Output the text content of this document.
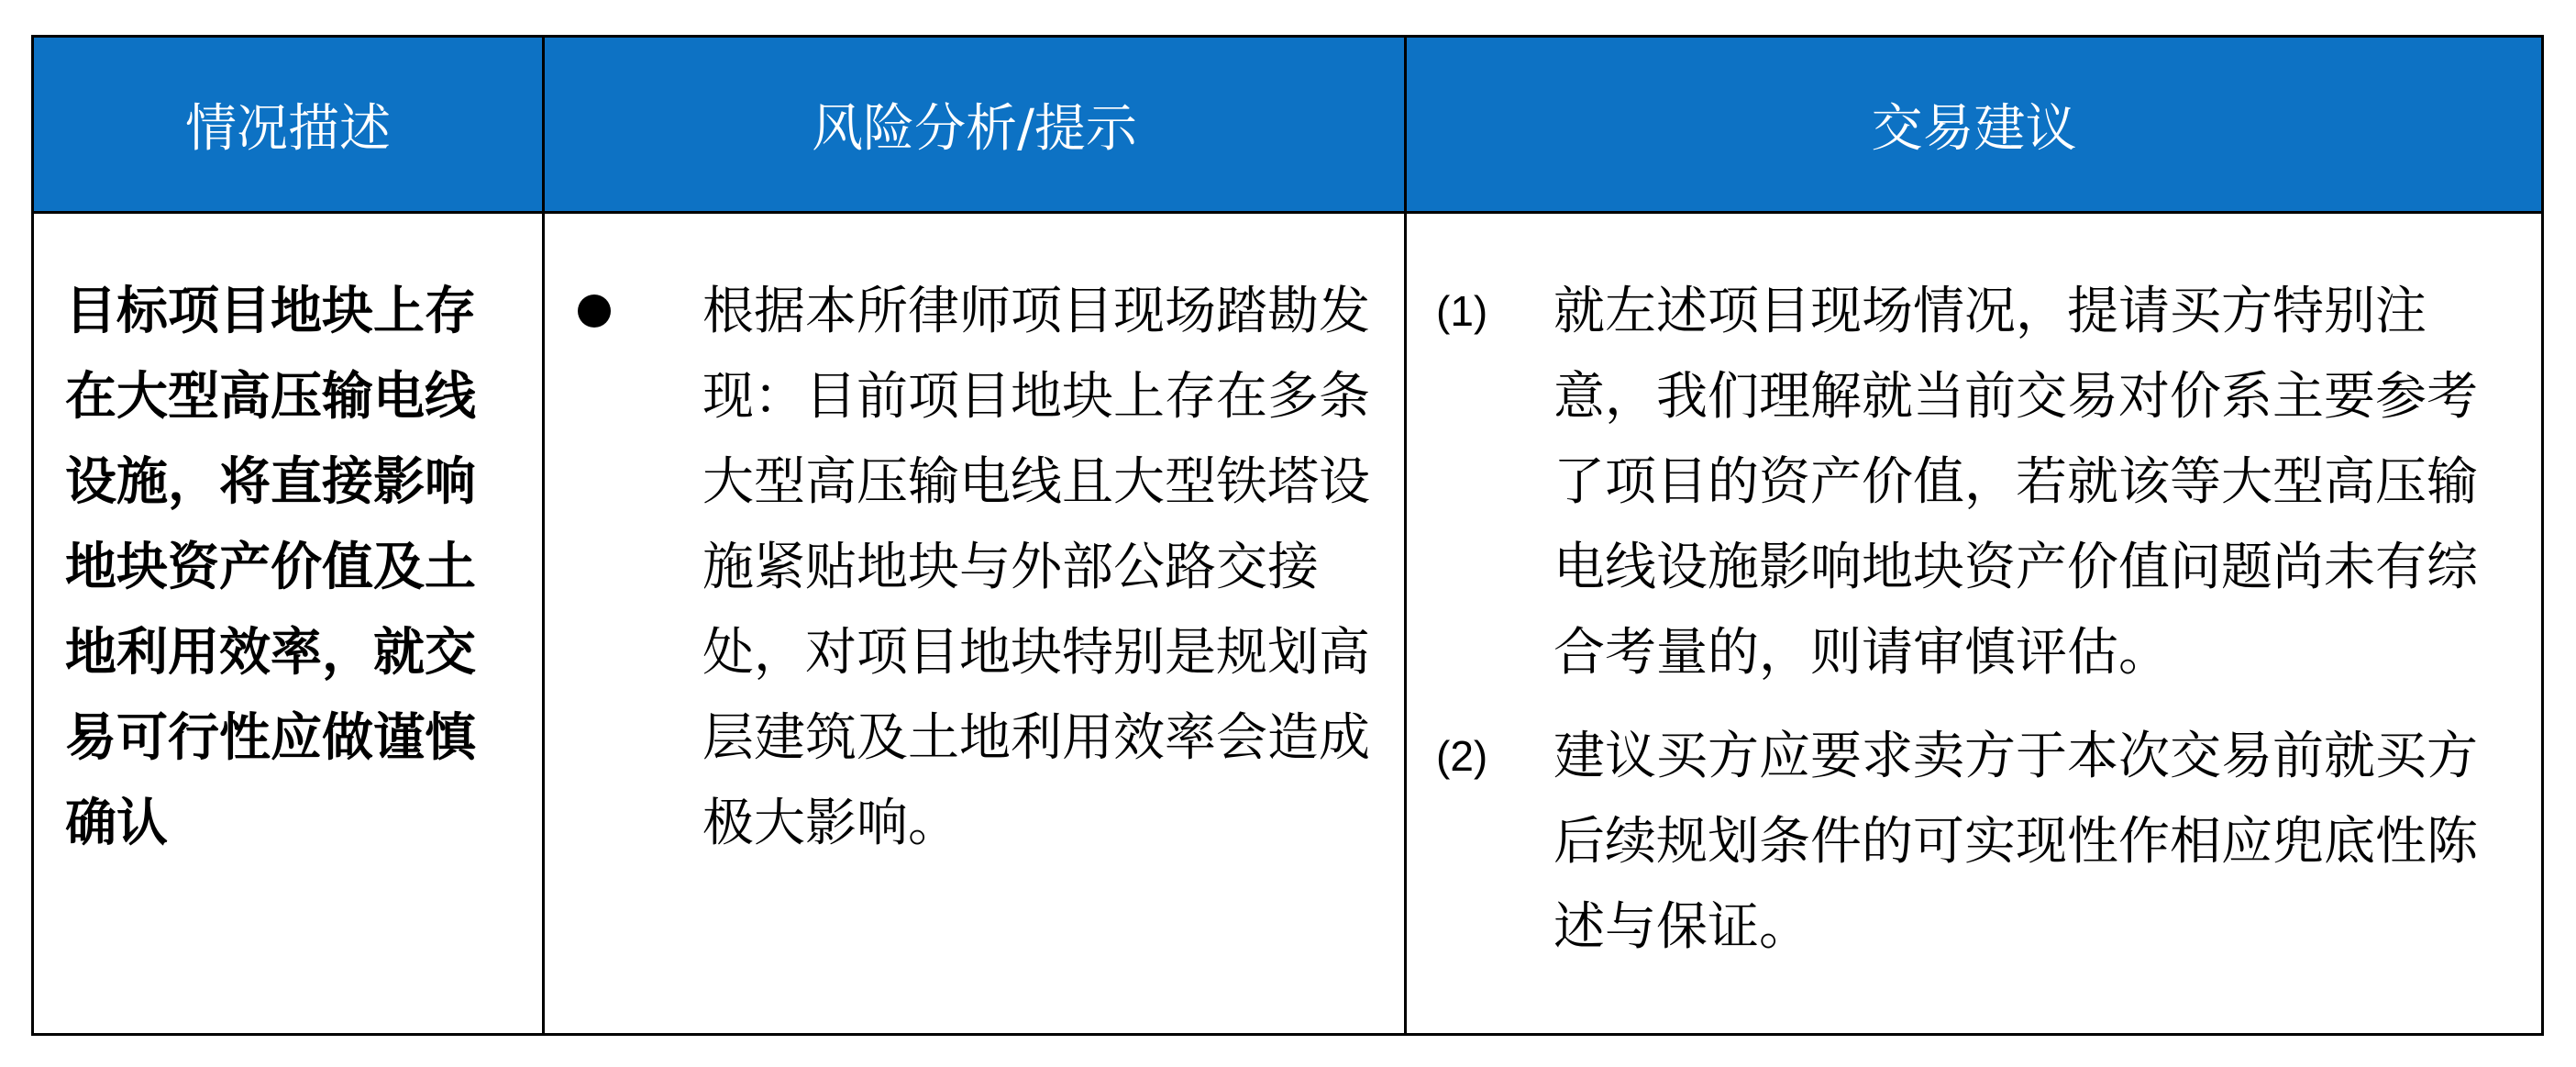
情况描述	风险分析/提示	交易建议

目标项目地块上存在大型高压输电线设施，将直接影响地块资产价值及土地利用效率，就交易可行性应做谨慎确认	根据本所律师项目现场踏勘发现：目前项目地块上存在多条大型高压输电线且大型铁塔设施紧贴地块与外部公路交接处，对项目地块特别是规划高层建筑及土地利用效率会造成极大影响。	(1) 就左述项目现场情况，提请买方特别注意，我们理解就当前交易对价系主要参考了项目的资产价值，若就该等大型高压输电线设施影响地块资产价值问题尚未有综合考量的，则请审慎评估。
(2) 建议买方应要求卖方于本次交易前就买方后续规划条件的可实现性作相应兜底性陈述与保证。
